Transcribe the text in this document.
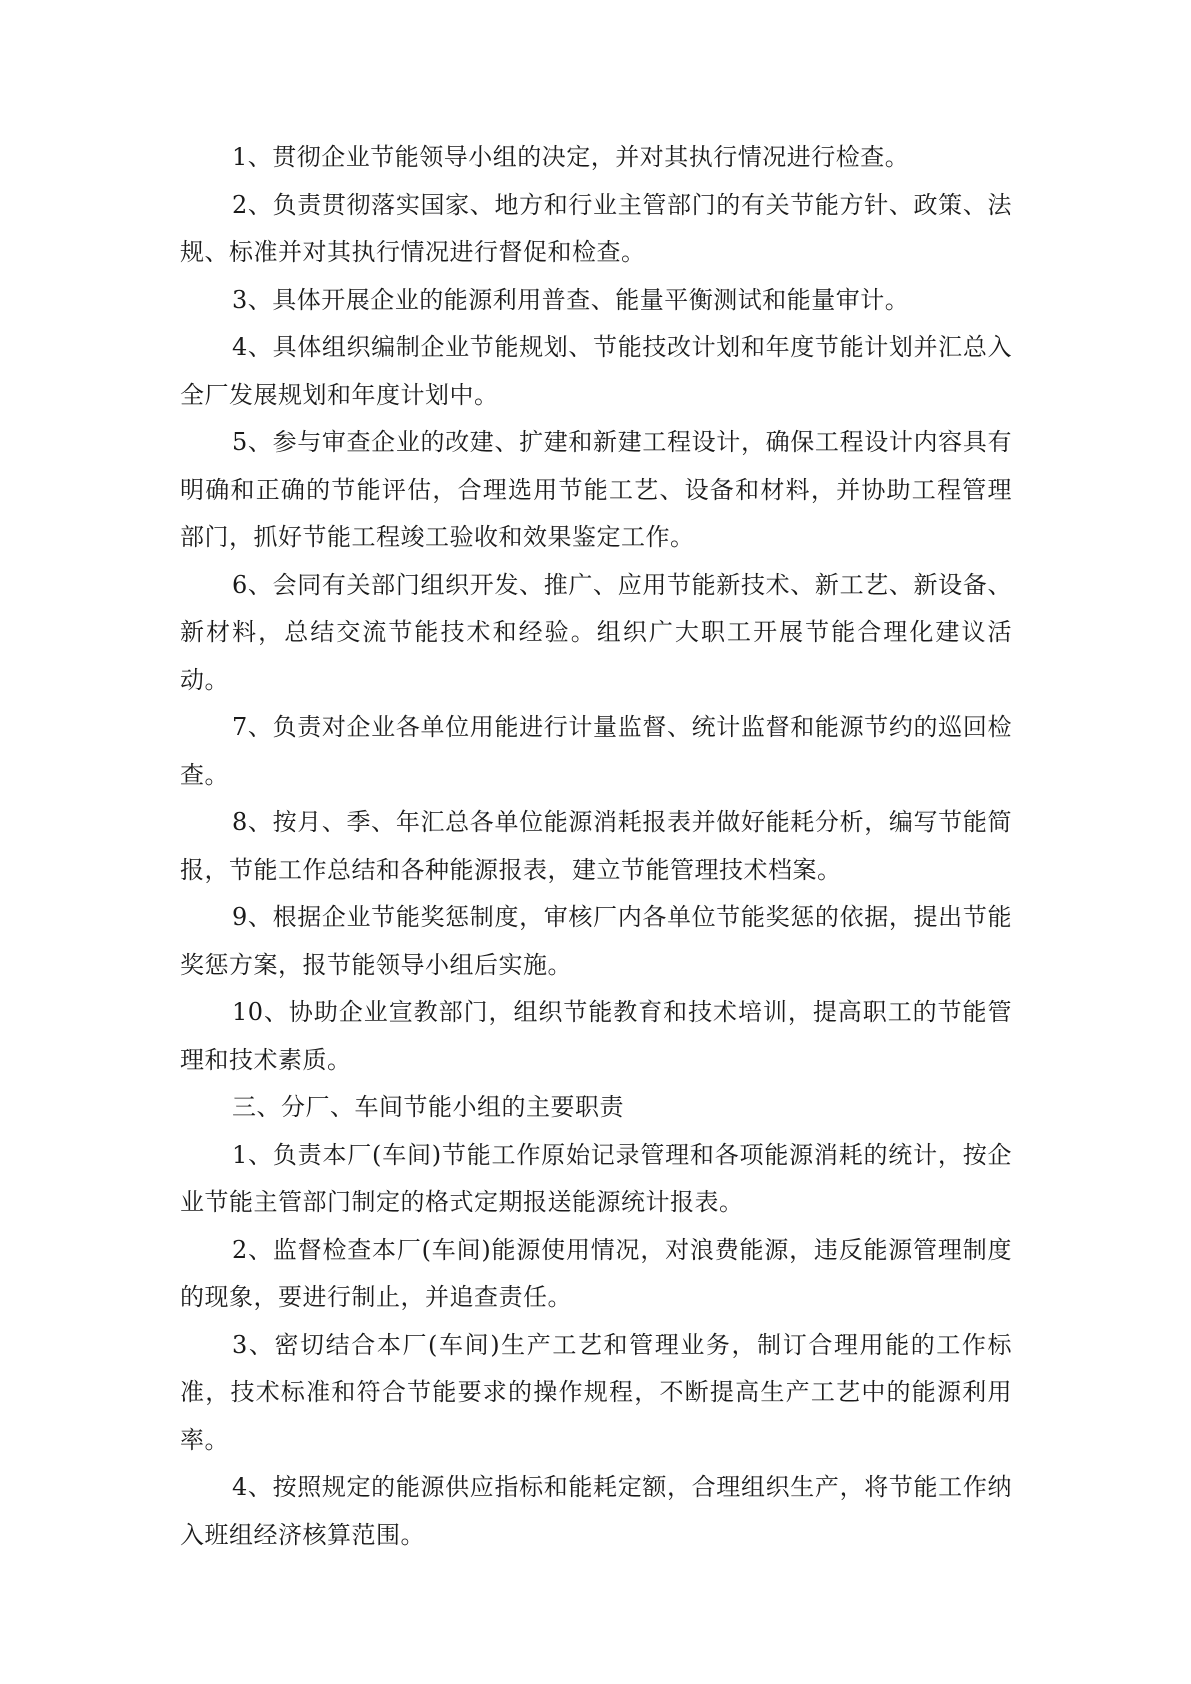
1、贯彻企业节能领导小组的决定，并对其执行情况进行检查。

2、负责贯彻落实国家、地方和行业主管部门的有关节能方针、政策、法规、标准并对其执行情况进行督促和检查。

3、具体开展企业的能源利用普查、能量平衡测试和能量审计。

4、具体组织编制企业节能规划、节能技改计划和年度节能计划并汇总入全厂发展规划和年度计划中。

5、参与审查企业的改建、扩建和新建工程设计，确保工程设计内容具有明确和正确的节能评估，合理选用节能工艺、设备和材料，并协助工程管理部门，抓好节能工程竣工验收和效果鉴定工作。

6、会同有关部门组织开发、推广、应用节能新技术、新工艺、新设备、新材料，总结交流节能技术和经验。组织广大职工开展节能合理化建议活动。

7、负责对企业各单位用能进行计量监督、统计监督和能源节约的巡回检查。

8、按月、季、年汇总各单位能源消耗报表并做好能耗分析，编写节能简报，节能工作总结和各种能源报表，建立节能管理技术档案。

9、根据企业节能奖惩制度，审核厂内各单位节能奖惩的依据，提出节能奖惩方案，报节能领导小组后实施。

10、协助企业宣教部门，组织节能教育和技术培训，提高职工的节能管理和技术素质。

三、分厂、车间节能小组的主要职责

1、负责本厂(车间)节能工作原始记录管理和各项能源消耗的统计，按企业节能主管部门制定的格式定期报送能源统计报表。

2、监督检查本厂(车间)能源使用情况，对浪费能源，违反能源管理制度的现象，要进行制止，并追查责任。

3、密切结合本厂(车间)生产工艺和管理业务，制订合理用能的工作标准，技术标准和符合节能要求的操作规程，不断提高生产工艺中的能源利用率。

4、按照规定的能源供应指标和能耗定额，合理组织生产，将节能工作纳入班组经济核算范围。
